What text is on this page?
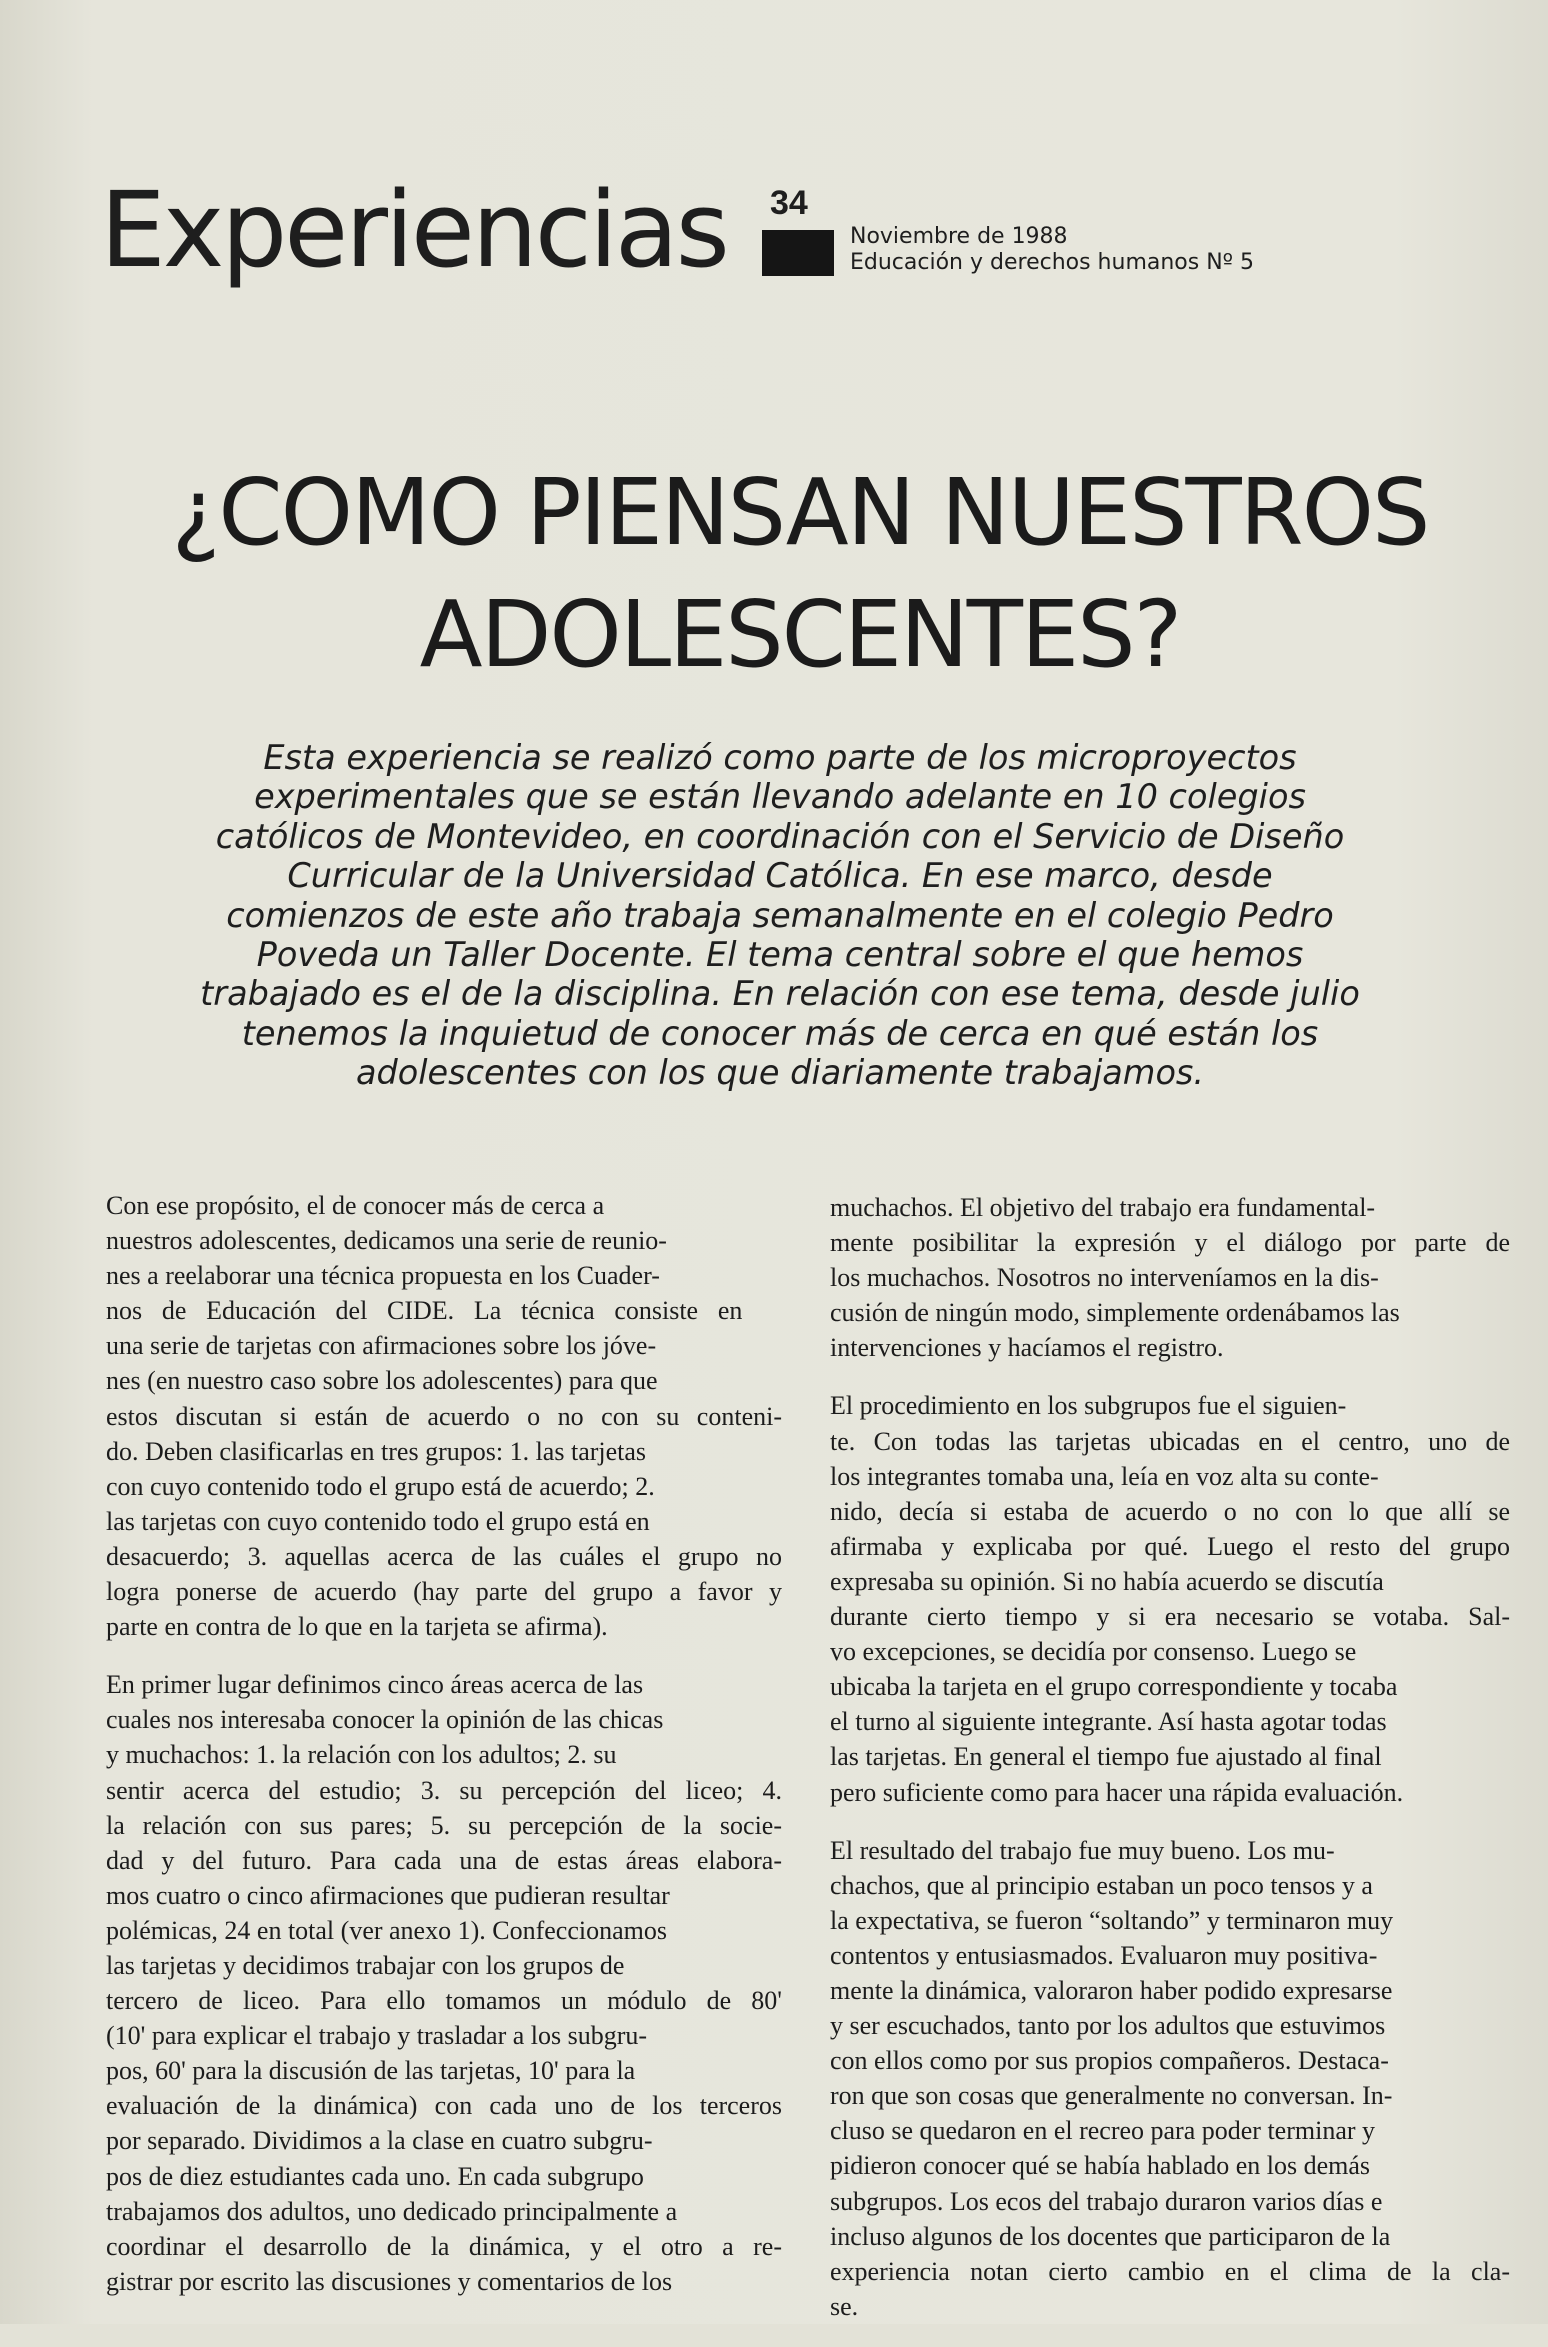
Experiencias 34
Noviembre de 1988
Educación y derechos humanos Nº 5
¿COMO PIENSAN NUESTROS
ADOLESCENTES?
Esta experiencia se realizó como parte de los microproyectos
experimentales que se están llevando adelante en 10 colegios
católicos de Montevideo, en coordinación con el Servicio de Diseño
Curricular de la Universidad Católica. En ese marco, desde
comienzos de este año trabaja semanalmente en el colegio Pedro
Poveda un Taller Docente. El tema central sobre el que hemos
trabajado es el de la disciplina. En relación con ese tema, desde julio
tenemos la inquietud de conocer más de cerca en qué están los
adolescentes con los que diariamente trabajamos.

Con ese propósito, el de conocer más de cerca a
nuestros adolescentes, dedicamos una serie de reunio-
nes a reelaborar una técnica propuesta en los Cuader-
nos de Educación del CIDE. La técnica consiste en
una serie de tarjetas con afirmaciones sobre los jóve-
nes (en nuestro caso sobre los adolescentes) para que
estos discutan si están de acuerdo o no con su conteni-
do. Deben clasificarlas en tres grupos: 1. las tarjetas
con cuyo contenido todo el grupo está de acuerdo; 2.
las tarjetas con cuyo contenido todo el grupo está en
desacuerdo; 3. aquellas acerca de las cuáles el grupo no
logra ponerse de acuerdo (hay parte del grupo a favor y
parte en contra de lo que en la tarjeta se afirma).

En primer lugar definimos cinco áreas acerca de las
cuales nos interesaba conocer la opinión de las chicas
y muchachos: 1. la relación con los adultos; 2. su
sentir acerca del estudio; 3. su percepción del liceo; 4.
la relación con sus pares; 5. su percepción de la socie-
dad y del futuro. Para cada una de estas áreas elabora-
mos cuatro o cinco afirmaciones que pudieran resultar
polémicas, 24 en total (ver anexo 1). Confeccionamos
las tarjetas y decidimos trabajar con los grupos de
tercero de liceo. Para ello tomamos un módulo de 80'
(10' para explicar el trabajo y trasladar a los subgru-
pos, 60' para la discusión de las tarjetas, 10' para la
evaluación de la dinámica) con cada uno de los terceros
por separado. Dividimos a la clase en cuatro subgru-
pos de diez estudiantes cada uno. En cada subgrupo
trabajamos dos adultos, uno dedicado principalmente a
coordinar el desarrollo de la dinámica, y el otro a re-
gistrar por escrito las discusiones y comentarios de los

muchachos. El objetivo del trabajo era fundamental-
mente posibilitar la expresión y el diálogo por parte de
los muchachos. Nosotros no interveníamos en la dis-
cusión de ningún modo, simplemente ordenábamos las
intervenciones y hacíamos el registro.

El procedimiento en los subgrupos fue el siguien-
te. Con todas las tarjetas ubicadas en el centro, uno de
los integrantes tomaba una, leía en voz alta su conte-
nido, decía si estaba de acuerdo o no con lo que allí se
afirmaba y explicaba por qué. Luego el resto del grupo
expresaba su opinión. Si no había acuerdo se discutía
durante cierto tiempo y si era necesario se votaba. Sal-
vo excepciones, se decidía por consenso. Luego se
ubicaba la tarjeta en el grupo correspondiente y tocaba
el turno al siguiente integrante. Así hasta agotar todas
las tarjetas. En general el tiempo fue ajustado al final
pero suficiente como para hacer una rápida evaluación.

El resultado del trabajo fue muy bueno. Los mu-
chachos, que al principio estaban un poco tensos y a
la expectativa, se fueron “soltando” y terminaron muy
contentos y entusiasmados. Evaluaron muy positiva-
mente la dinámica, valoraron haber podido expresarse
y ser escuchados, tanto por los adultos que estuvimos
con ellos como por sus propios compañeros. Destaca-
ron que son cosas que generalmente no conversan. In-
cluso se quedaron en el recreo para poder terminar y
pidieron conocer qué se había hablado en los demás
subgrupos. Los ecos del trabajo duraron varios días e
incluso algunos de los docentes que participaron de la
experiencia notan cierto cambio en el clima de la cla-
se.
